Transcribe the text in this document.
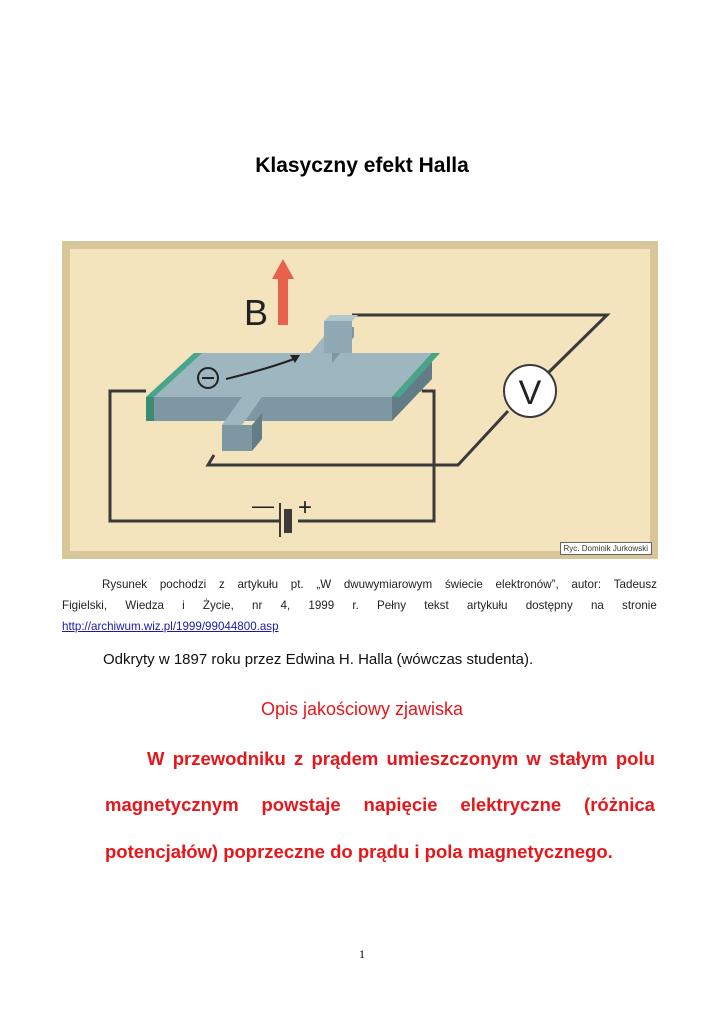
Klasyczny efekt Halla
B
V
— +
Ryc. Dominik Jurkowski
Rysunek pochodzi z artykułu pt. „W dwuwymiarowym świecie elektronów”, autor: Tadeusz
Figielski, Wiedza i Życie, nr 4, 1999 r. Pełny tekst artykułu dostępny na stronie
http://archiwum.wiz.pl/1999/99044800.asp
Odkryty w 1897 roku przez Edwina H. Halla (wówczas studenta).
Opis jakościowy zjawiska
W przewodniku z prądem umieszczonym w stałym polu
magnetycznym powstaje napięcie elektryczne (różnica
potencjałów) poprzeczne do prądu i pola magnetycznego.
1
